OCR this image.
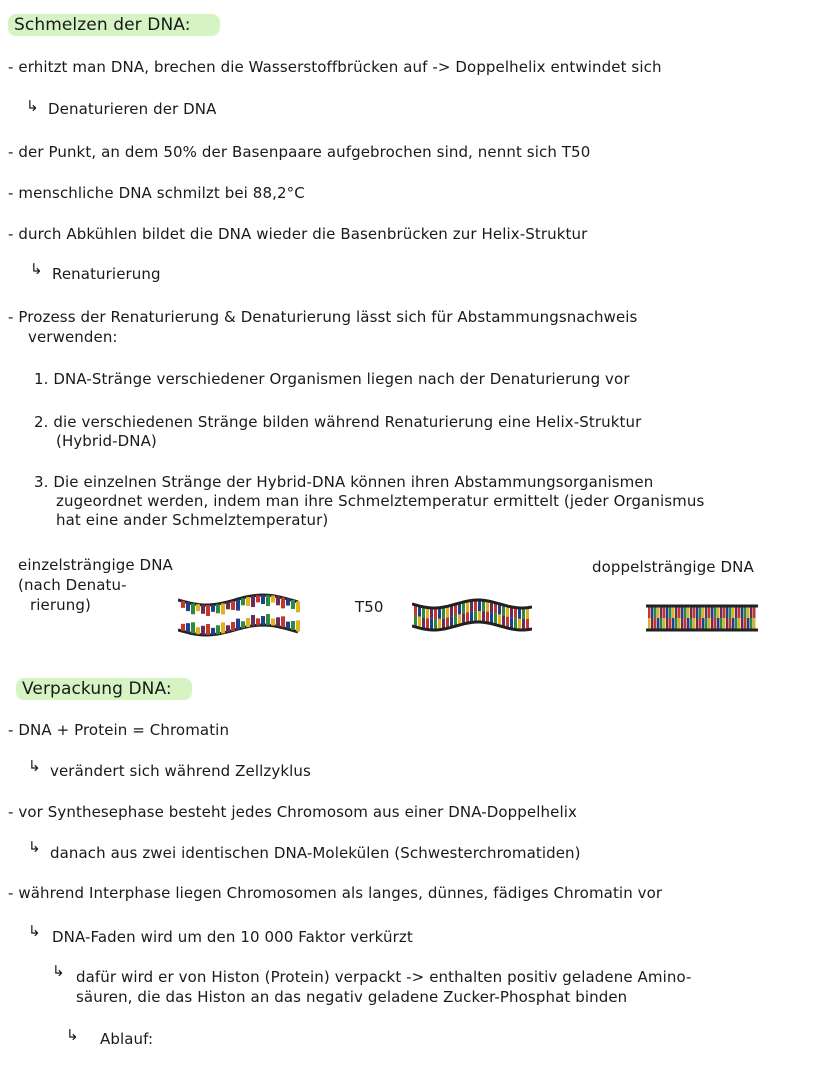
Schmelzen der DNA:
- erhitzt man DNA, brechen die Wasserstoffbrücken auf -> Doppelhelix entwindet sich
↳ Denaturieren der DNA
- der Punkt, an dem 50% der Basenpaare aufgebrochen sind, nennt sich T50
- menschliche DNA schmilzt bei 88,2°C
- durch Abkühlen bildet die DNA wieder die Basenbrücken zur Helix-Struktur
↳ Renaturierung
- Prozess der Renaturierung & Denaturierung lässt sich für Abstammungsnachweis
verwenden:
1. DNA-Stränge verschiedener Organismen liegen nach der Denaturierung vor
2. die verschiedenen Stränge bilden während Renaturierung eine Helix-Struktur
(Hybrid-DNA)
3. Die einzelnen Stränge der Hybrid-DNA können ihren Abstammungsorganismen
zugeordnet werden, indem man ihre Schmelztemperatur ermittelt (jeder Organismus
hat eine ander Schmelztemperatur)
einzelsträngige DNA
(nach Denatu-
rierung)	T50
doppelsträngige DNA
Verpackung DNA:
- DNA + Protein = Chromatin
↳ verändert sich während Zellzyklus
- vor Synthesephase besteht jedes Chromosom aus einer DNA-Doppelhelix
↳ danach aus zwei identischen DNA-Molekülen (Schwesterchromatiden)
- während Interphase liegen Chromosomen als langes, dünnes, fädiges Chromatin vor
↳ DNA-Faden wird um den 10 000 Faktor verkürzt
↳ dafür wird er von Histon (Protein) verpackt -> enthalten positiv geladene Amino-
säuren, die das Histon an das negativ geladene Zucker-Phosphat binden
↳ Ablauf:
